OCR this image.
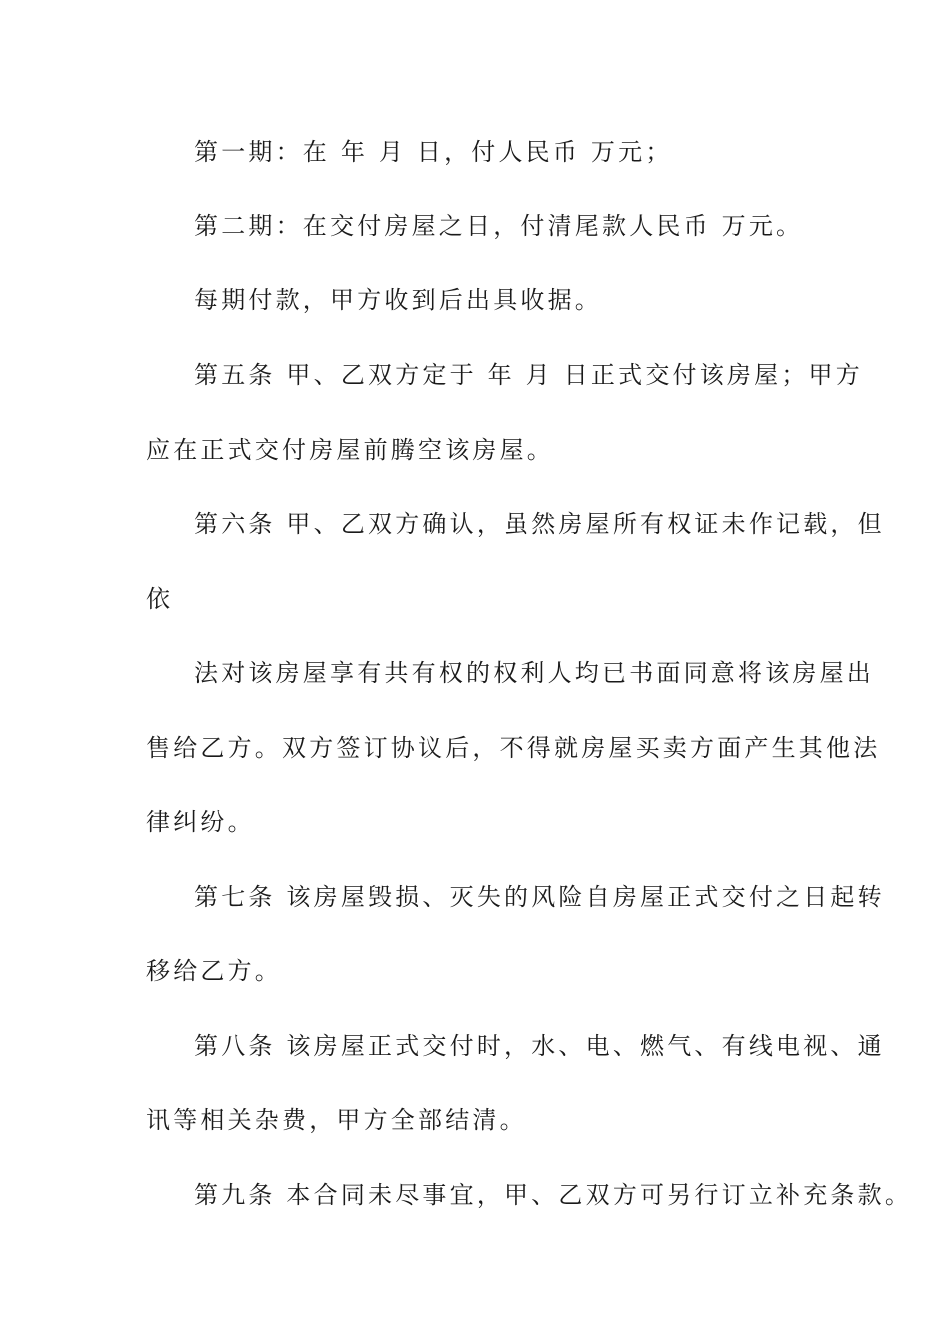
第一期：在 年 月 日，付人民币 万元；
第二期：在交付房屋之日，付清尾款人民币 万元。
每期付款，甲方收到后出具收据。
第五条 甲、乙双方定于 年 月 日正式交付该房屋；甲方
应在正式交付房屋前腾空该房屋。
第六条 甲、乙双方确认，虽然房屋所有权证未作记载，但
依
法对该房屋享有共有权的权利人均已书面同意将该房屋出
售给乙方。双方签订协议后，不得就房屋买卖方面产生其他法
律纠纷。
第七条 该房屋毁损、灭失的风险自房屋正式交付之日起转
移给乙方。
第八条 该房屋正式交付时，水、电、燃气、有线电视、通
讯等相关杂费，甲方全部结清。
第九条 本合同未尽事宜，甲、乙双方可另行订立补充条款。
